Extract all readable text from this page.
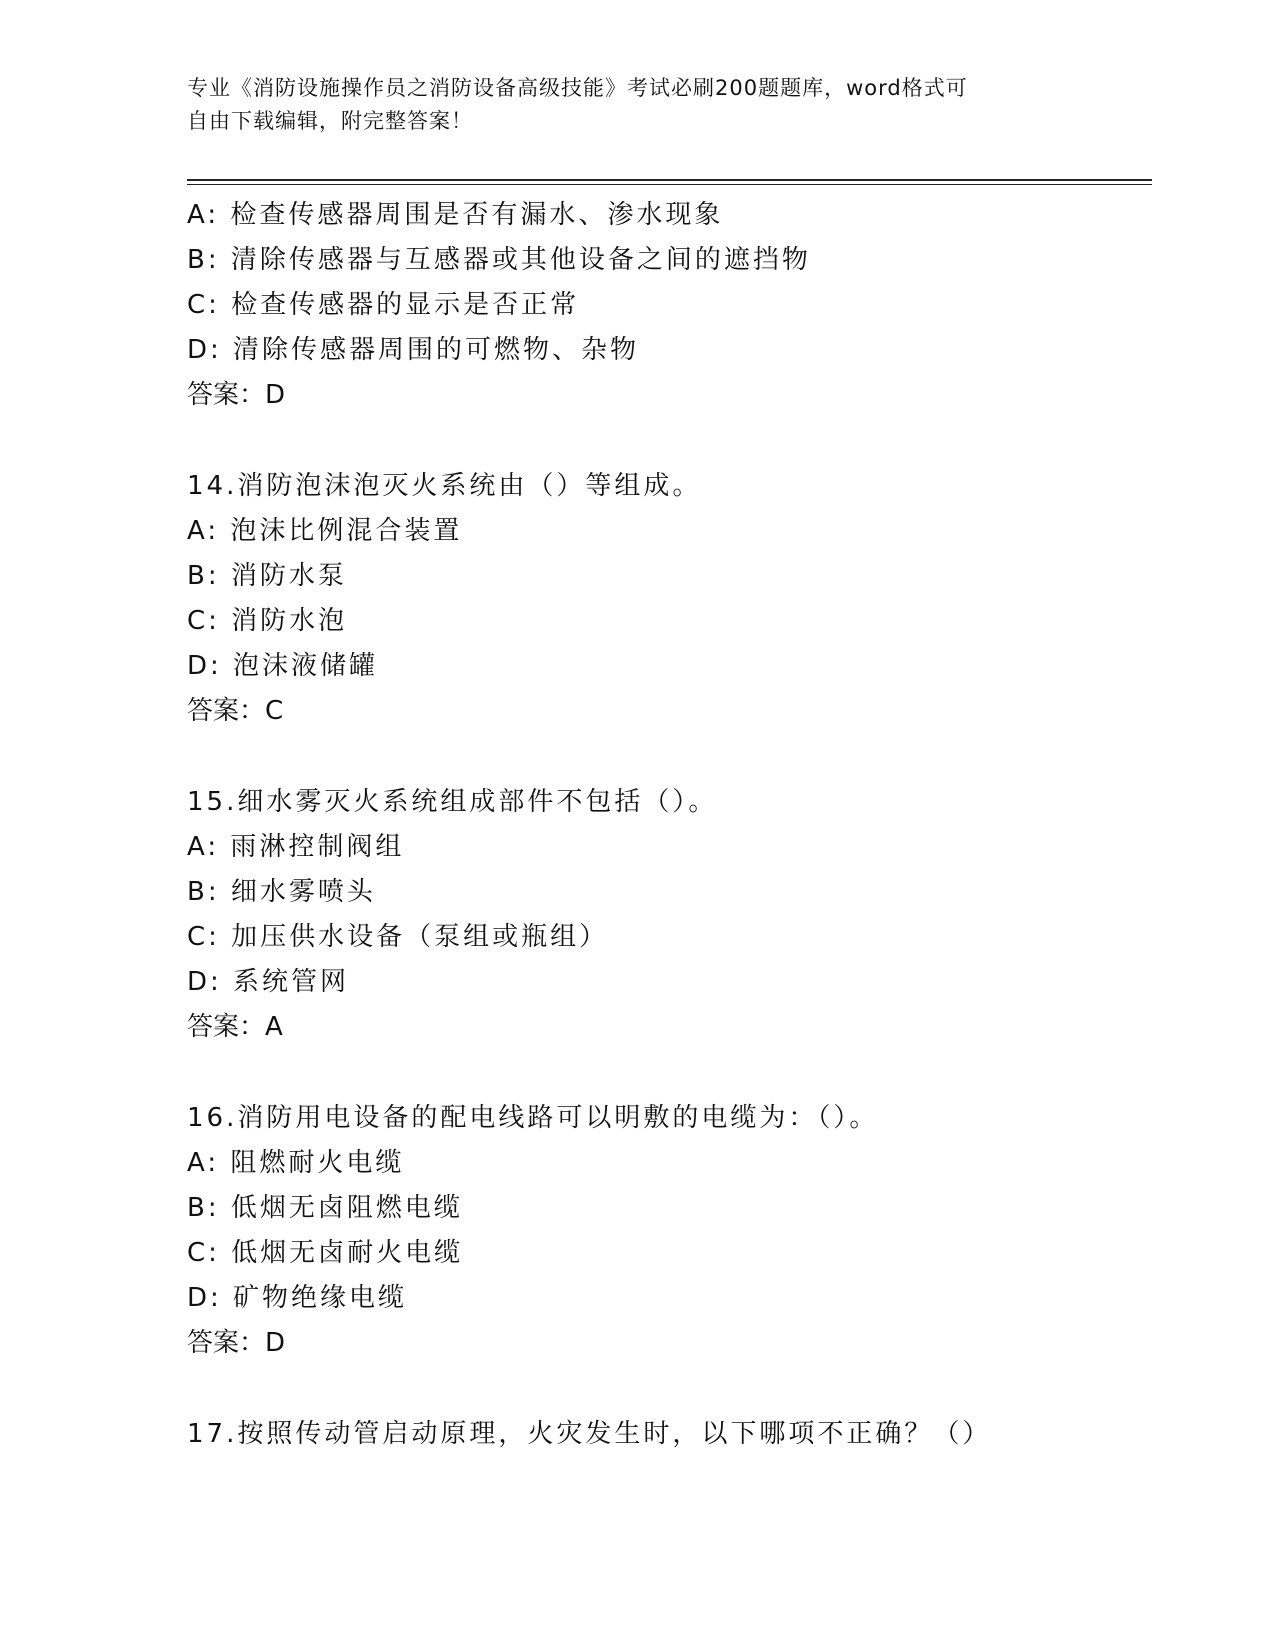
专业《消防设施操作员之消防设备高级技能》考试必刷200题题库，word格式可
自由下载编辑，附完整答案！
A: 检查传感器周围是否有漏水、渗水现象
B: 清除传感器与互感器或其他设备之间的遮挡物
C: 检查传感器的显示是否正常
D: 清除传感器周围的可燃物、杂物
答案：D
14.消防泡沫泡灭火系统由（）等组成。
A: 泡沫比例混合装置
B: 消防水泵
C: 消防水泡
D: 泡沫液储罐
答案：C
15.细水雾灭火系统组成部件不包括（）。
A: 雨淋控制阀组
B: 细水雾喷头
C: 加压供水设备（泵组或瓶组）
D: 系统管网
答案：A
16.消防用电设备的配电线路可以明敷的电缆为：（）。
A: 阻燃耐火电缆
B: 低烟无卤阻燃电缆
C: 低烟无卤耐火电缆
D: 矿物绝缘电缆
答案：D
17.按照传动管启动原理，火灾发生时，以下哪项不正确？（）
